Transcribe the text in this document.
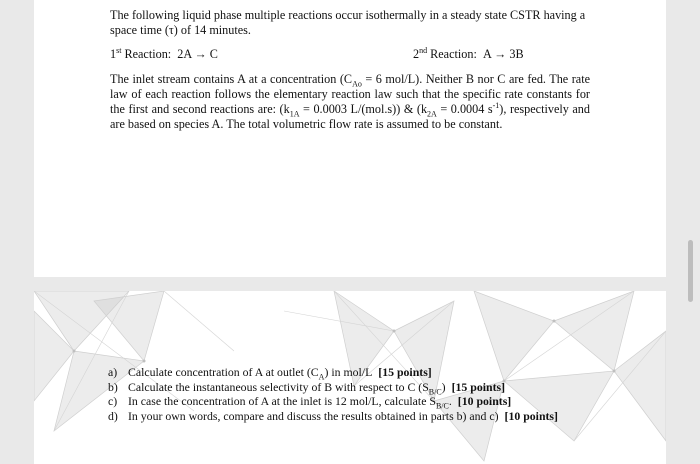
The following liquid phase multiple reactions occur isothermally in a steady state CSTR having a space time (τ) of 14 minutes.
1st Reaction: 2A → C	2nd Reaction: A → 3B
The inlet stream contains A at a concentration ($C_{Ao} = 6$ mol/L). Neither B nor C are fed. The rate law of each reaction follows the elementary reaction law such that the specific rate constants for the first and second reactions are: ($k_{1A} = 0.0003$ L/(mol.s)) & ($k_{2A} = 0.0004$ $s^{-1}$), respectively and are based on species A. The total volumetric flow rate is assumed to be constant.
a) Calculate concentration of A at outlet $(C_A)$ in mol/L [15 points]
b) Calculate the instantaneous selectivity of B with respect to C $(S_{B/C})$ [15 points]
c) In case the concentration of A at the inlet is 12 mol/L, calculate $S_{B/C}$. [10 points]
d) In your own words, compare and discuss the results obtained in parts b) and c) [10 points]
